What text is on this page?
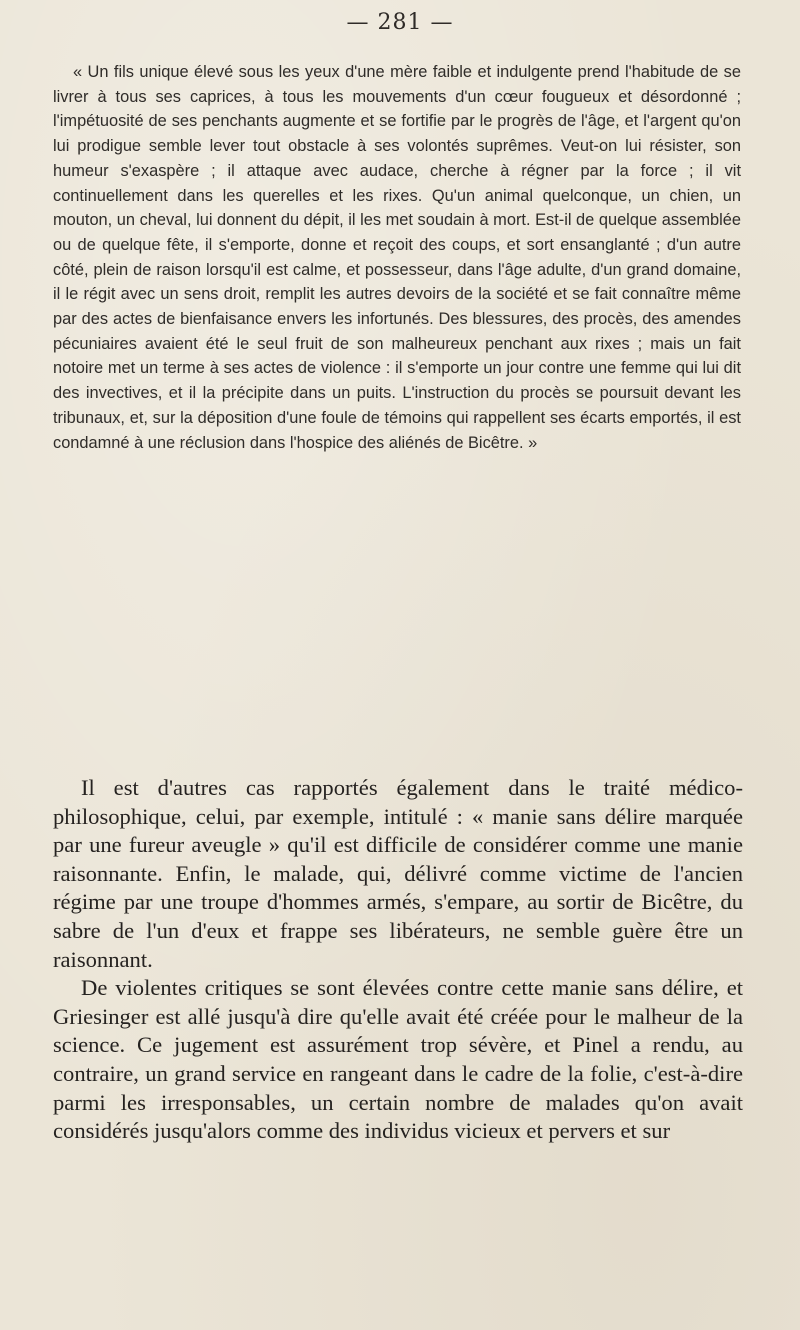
— 281 —

« Un fils unique élevé sous les yeux d'une mère faible et indulgente prend l'habitude de se livrer à tous ses caprices, à tous les mouvements d'un cœur fougueux et désordonné ; l'impétuosité de ses penchants augmente et se fortifie par le progrès de l'âge, et l'argent qu'on lui prodigue semble lever tout obstacle à ses volontés suprêmes. Veut-on lui résister, son humeur s'exaspère ; il attaque avec audace, cherche à régner par la force ; il vit continuellement dans les querelles et les rixes. Qu'un animal quelconque, un chien, un mouton, un cheval, lui donnent du dépit, il les met soudain à mort. Est-il de quelque assemblée ou de quelque fête, il s'emporte, donne et reçoit des coups, et sort ensanglanté ; d'un autre côté, plein de raison lorsqu'il est calme, et possesseur, dans l'âge adulte, d'un grand domaine, il le régit avec un sens droit, remplit les autres devoirs de la société et se fait connaître même par des actes de bienfaisance envers les infortunés. Des blessures, des procès, des amendes pécuniaires avaient été le seul fruit de son malheureux penchant aux rixes ; mais un fait notoire met un terme à ses actes de violence : il s'emporte un jour contre une femme qui lui dit des invectives, et il la précipite dans un puits. L'instruction du procès se poursuit devant les tribunaux, et, sur la déposition d'une foule de témoins qui rappellent ses écarts emportés, il est condamné à une réclusion dans l'hospice des aliénés de Bicêtre. »

Il est d'autres cas rapportés également dans le traité médico-philosophique, celui, par exemple, intitulé : « manie sans délire marquée par une fureur aveugle » qu'il est difficile de considérer comme une manie raisonnante. Enfin, le malade, qui, délivré comme victime de l'ancien régime par une troupe d'hommes armés, s'empare, au sortir de Bicêtre, du sabre de l'un d'eux et frappe ses libérateurs, ne semble guère être un raisonnant.

De violentes critiques se sont élevées contre cette manie sans délire, et Griesinger est allé jusqu'à dire qu'elle avait été créée pour le malheur de la science. Ce jugement est assurément trop sévère, et Pinel a rendu, au contraire, un grand service en rangeant dans le cadre de la folie, c'est-à-dire parmi les irresponsables, un certain nombre de malades qu'on avait considérés jusqu'alors comme des individus vicieux et pervers et sur
